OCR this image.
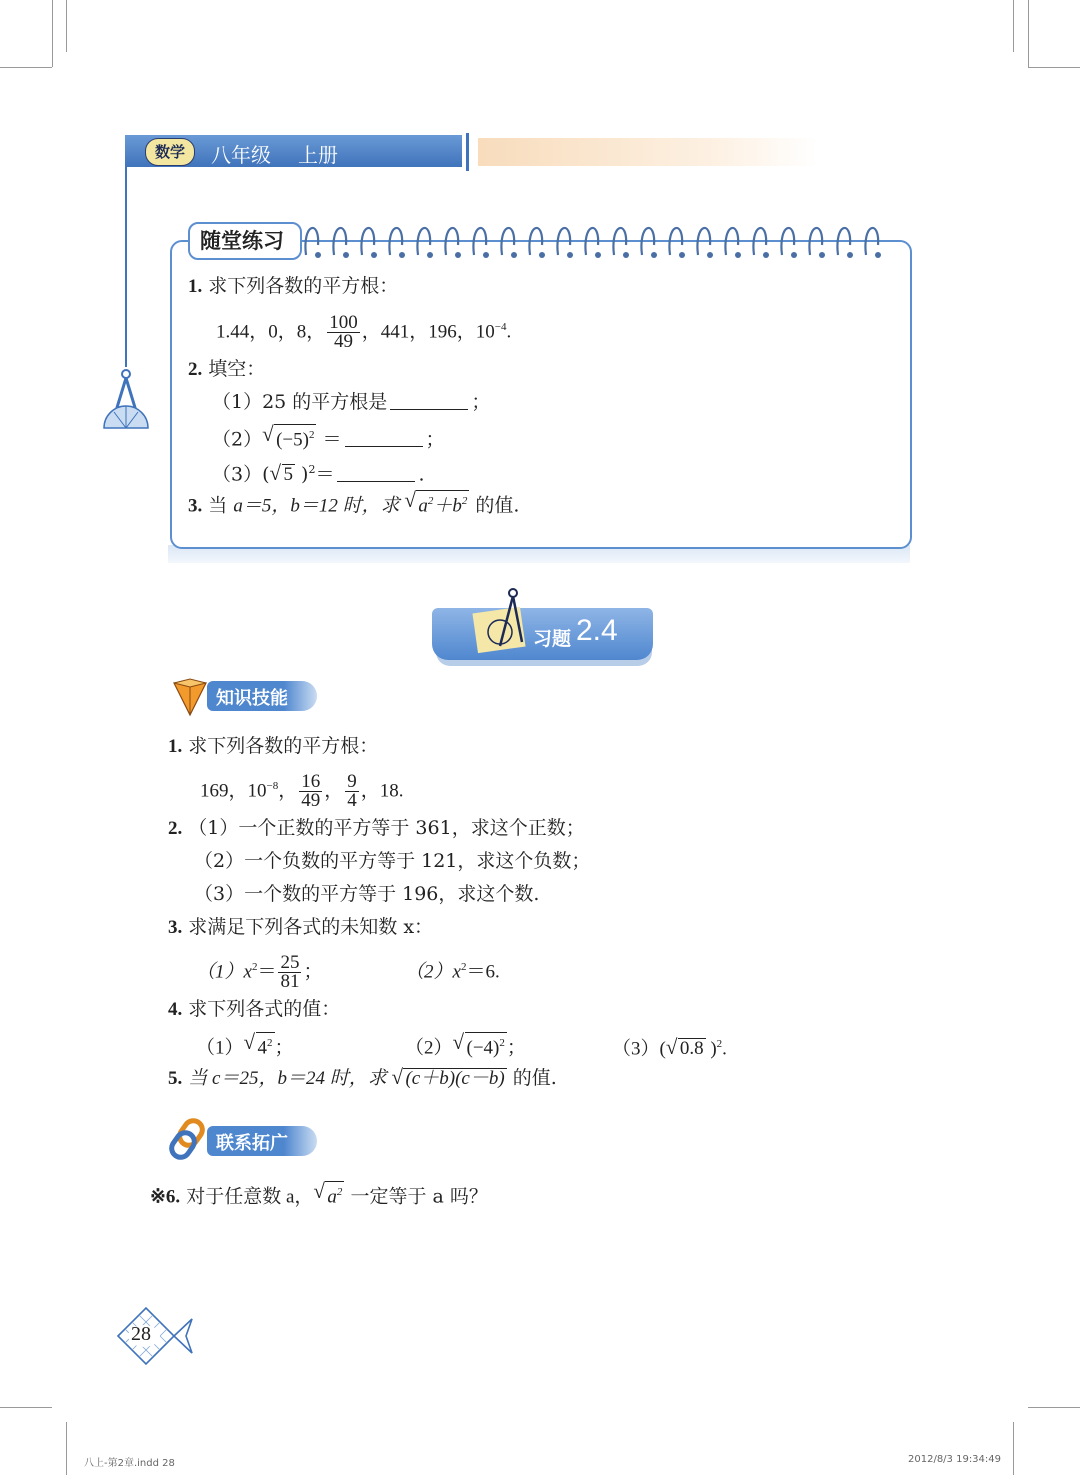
数学	八年级 上册
随堂练习
1. 求下列各数的平方根：
1.44，0，8， $\frac{100}{49}$ ，441，196，$10^{-4}$.
2. 填空：
（1）25 的平方根是	；
（2） √ $(-5)^2$ ＝	；
（3）( √ 5 )$^2$＝	.
3. 当 a＝5，b＝12 时，求 √ $a^2+b^2$ 的值.
习题 2.4
知识技能
1. 求下列各数的平方根：
169，$10^{-8}$， $\frac{16}{49}$ ， $\frac{9}{4}$ ，18.
2. （1）一个正数的平方等于 361，求这个正数；
（2）一个负数的平方等于 121，求这个负数；
（3）一个数的平方等于 196，求这个数.
3. 求满足下列各式的未知数 x：
$(1)x^2= \frac{25}{81}$ ；	$(2)x^2=6$.
4. 求下列各式的值：
（1） √ $4^2$ ；	（2） √ $(-4)^2$ ；	（3）( √ 0.8 )$^2$.
5. 当 c＝25，b＝24 时，求 √ (c＋b)(c－b) 的值.
联系拓广
※6. 对于任意数 a， √ $a^2$ 一定等于 a 吗？
28
八上-第2章.indd 28	2012/8/3 19:34:49
